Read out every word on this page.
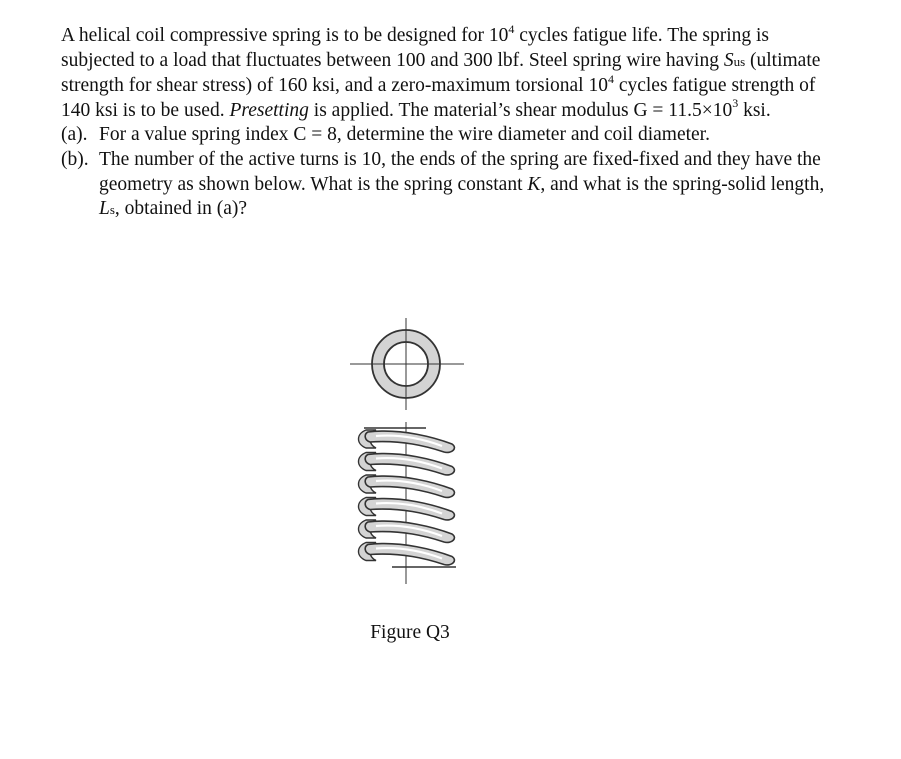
A helical coil compressive spring is to be designed for $10^4$ cycles fatigue life. The spring is subjected to a load that fluctuates between 100 and 300 lbf. Steel spring wire having Sus (ultimate strength for shear stress) of 160 ksi, and a zero-maximum torsional $10^4$ cycles fatigue strength of 140 ksi is to be used. Presetting is applied. The material’s shear modulus $G = 11.5\times 10^3$ ksi.

(a). For a value spring index C = 8, determine the wire diameter and coil diameter.

(b). The number of the active turns is 10, the ends of the spring are fixed-fixed and they have the geometry as shown below. What is the spring constant K, and what is the spring-solid length, Ls, obtained in (a)?

Figure Q3
